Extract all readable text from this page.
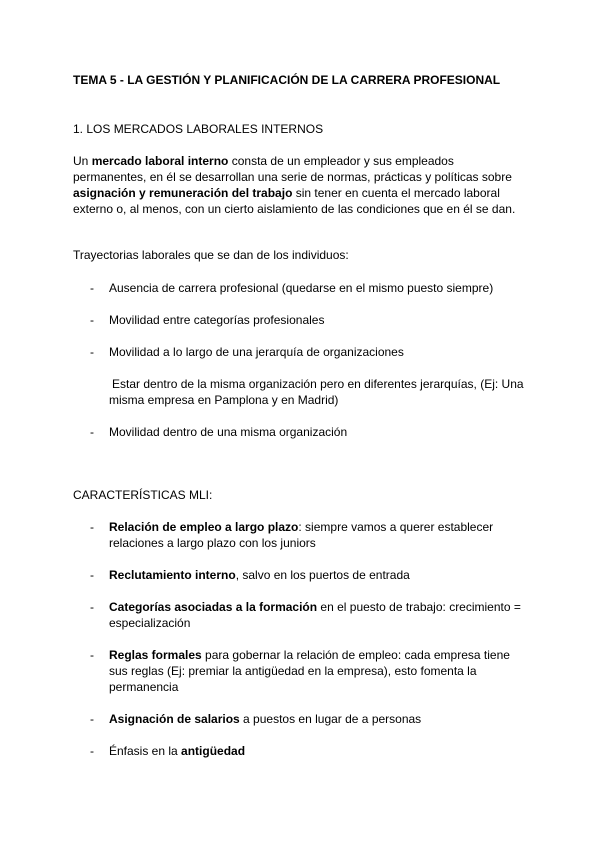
TEMA 5 - LA GESTIÓN Y PLANIFICACIÓN DE LA CARRERA PROFESIONAL
1. LOS MERCADOS LABORALES INTERNOS
Un mercado laboral interno consta de un empleador y sus empleados
permanentes, en él se desarrollan una serie de normas, prácticas y políticas sobre
asignación y remuneración del trabajo sin tener en cuenta el mercado laboral
externo o, al menos, con un cierto aislamiento de las condiciones que en él se dan.
Trayectorias laborales que se dan de los individuos:
- Ausencia de carrera profesional (quedarse en el mismo puesto siempre)
- Movilidad entre categorías profesionales
- Movilidad a lo largo de una jerarquía de organizaciones
Estar dentro de la misma organización pero en diferentes jerarquías, (Ej: Una
misma empresa en Pamplona y en Madrid)
- Movilidad dentro de una misma organización
CARACTERÍSTICAS MLI:
- Relación de empleo a largo plazo: siempre vamos a querer establecer
relaciones a largo plazo con los juniors
- Reclutamiento interno, salvo en los puertos de entrada
- Categorías asociadas a la formación en el puesto de trabajo: crecimiento =
especialización
- Reglas formales para gobernar la relación de empleo: cada empresa tiene
sus reglas (Ej: premiar la antigüedad en la empresa), esto fomenta la
permanencia
- Asignación de salarios a puestos en lugar de a personas
- Énfasis en la antigüedad
